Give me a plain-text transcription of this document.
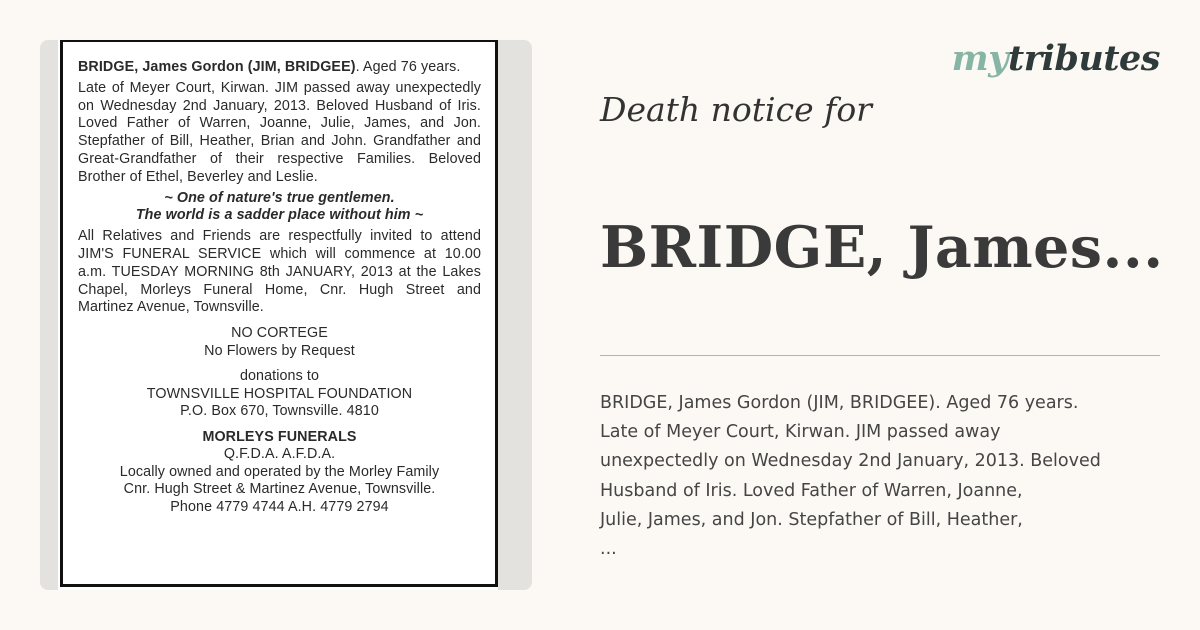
BRIDGE, James Gordon (JIM, BRIDGEE). Aged 76 years.

Late of Meyer Court, Kirwan. JIM passed away unexpectedly on Wednesday 2nd January, 2013. Beloved Husband of Iris. Loved Father of Warren, Joanne, Julie, James, and Jon. Stepfather of Bill, Heather, Brian and John. Grandfather and Great-Grandfather of their respective Families. Beloved Brother of Ethel, Beverley and Leslie.

~ One of nature's true gentlemen.
The world is a sadder place without him ~

All Relatives and Friends are respectfully invited to attend JIM'S FUNERAL SERVICE which will commence at 10.00 a.m. TUESDAY MORNING 8th JANUARY, 2013 at the Lakes Chapel, Morleys Funeral Home, Cnr. Hugh Street and Martinez Avenue, Townsville.

NO CORTEGE
No Flowers by Request
donations to
TOWNSVILLE HOSPITAL FOUNDATION
P.O. Box 670, Townsville. 4810
MORLEYS FUNERALS
Q.F.D.A. A.F.D.A.
Locally owned and operated by the Morley Family
Cnr. Hugh Street & Martinez Avenue, Townsville.
Phone 4779 4744 A.H. 4779 2794
mytributes
Death notice for
BRIDGE, James...
BRIDGE, James Gordon (JIM, BRIDGEE). Aged 76 years.
Late of Meyer Court, Kirwan. JIM passed away
unexpectedly on Wednesday 2nd January, 2013. Beloved
Husband of Iris. Loved Father of Warren, Joanne,
Julie, James, and Jon. Stepfather of Bill, Heather,
...
